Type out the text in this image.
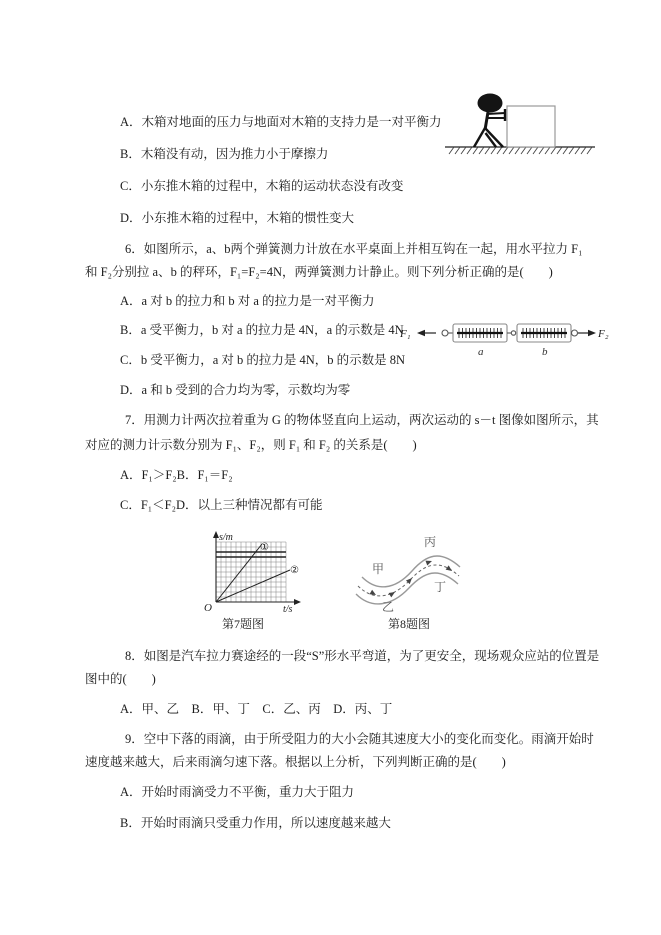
A．木箱对地面的压力与地面对木箱的支持力是一对平衡力
B．木箱没有动，因为推力小于摩擦力
C．小东推木箱的过程中，木箱的运动状态没有改变
D．小东推木箱的过程中，木箱的惯性变大
6．如图所示，a、b两个弹簧测力计放在水平桌面上并相互钩在一起，用水平拉力 F₁
和 F₂分别拉 a、b 的秤环，F₁=F₂=4N，两弹簧测力计静止。则下列分析正确的是(　　)
A．a 对 b 的拉力和 b 对 a 的拉力是一对平衡力
B．a 受平衡力，b 对 a 的拉力是 4N，a 的示数是 4N
C．b 受平衡力，a 对 b 的拉力是 4N，b 的示数是 8N
D．a 和 b 受到的合力均为零，示数均为零
F₁	F₂
a	b
7．用测力计两次拉着重为 G 的物体竖直向上运动，两次运动的 s－t 图像如图所示，其
对应的测力计示数分别为 F₁、F₂，则 F₁ 和 F₂ 的关系是(　　)
A．F₁＞F₂B．F₁＝F₂
C．F₁＜F₂D．以上三种情况都有可能
s/m
t/s
O
①
②
第7题图
甲
丙
乙
丁
第8题图
8．如图是汽车拉力赛途经的一段“S”形水平弯道，为了更安全，现场观众应站的位置是
图中的(　　)
A．甲、乙　B．甲、丁　C．乙、丙　D．丙、丁
9．空中下落的雨滴，由于所受阻力的大小会随其速度大小的变化而变化。雨滴开始时
速度越来越大，后来雨滴匀速下落。根据以上分析，下列判断正确的是(　　)
A．开始时雨滴受力不平衡，重力大于阻力
B．开始时雨滴只受重力作用，所以速度越来越大
